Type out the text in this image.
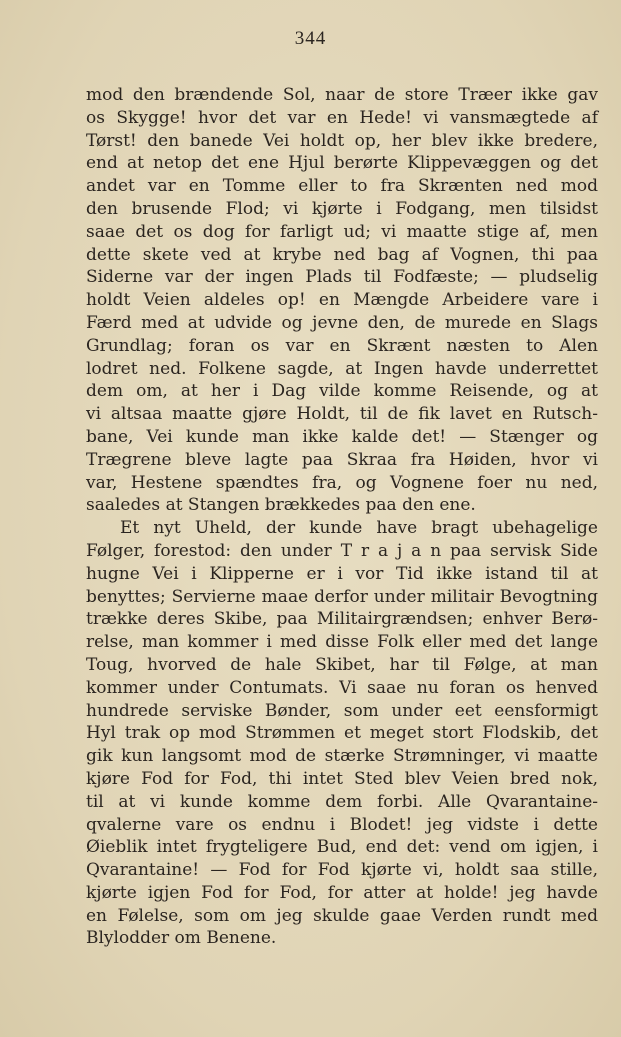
344
mod den brændende Sol, naar de store Træer ikke gav
os Skygge! hvor det var en Hede! vi vansmægtede af
Tørst! den banede Vei holdt op, her blev ikke bredere,
end at netop det ene Hjul berørte Klippevæggen og det
andet var en Tomme eller to fra Skrænten ned mod
den brusende Flod; vi kjørte i Fodgang, men tilsidst
saae det os dog for farligt ud; vi maatte stige af, men
dette skete ved at krybe ned bag af Vognen, thi paa
Siderne var der ingen Plads til Fodfæste; — pludselig
holdt Veien aldeles op! en Mængde Arbeidere vare i
Færd med at udvide og jevne den, de murede en Slags
Grundlag; foran os var en Skrænt næsten to Alen
lodret ned. Folkene sagde, at Ingen havde underrettet
dem om, at her i Dag vilde komme Reisende, og at
vi altsaa maatte gjøre Holdt, til de fik lavet en Rutsch-
bane, Vei kunde man ikke kalde det! — Stænger og
Trægrene bleve lagte paa Skraa fra Høiden, hvor vi
var, Hestene spændtes fra, og Vognene foer nu ned,
saaledes at Stangen brækkedes paa den ene.
Et nyt Uheld, der kunde have bragt ubehagelige
Følger, forestod: den under T r a j a n paa servisk Side
hugne Vei i Klipperne er i vor Tid ikke istand til at
benyttes; Servierne maae derfor under militair Bevogtning
trække deres Skibe, paa Militairgrændsen; enhver Berø-
relse, man kommer i med disse Folk eller med det lange
Toug, hvorved de hale Skibet, har til Følge, at man
kommer under Contumats. Vi saae nu foran os henved
hundrede serviske Bønder, som under eet eensformigt
Hyl trak op mod Strømmen et meget stort Flodskib, det
gik kun langsomt mod de stærke Strømninger, vi maatte
kjøre Fod for Fod, thi intet Sted blev Veien bred nok,
til at vi kunde komme dem forbi. Alle Qvarantaine-
qvalerne vare os endnu i Blodet! jeg vidste i dette
Øieblik intet frygteligere Bud, end det: vend om igjen, i
Qvarantaine! — Fod for Fod kjørte vi, holdt saa stille,
kjørte igjen Fod for Fod, for atter at holde! jeg havde
en Følelse, som om jeg skulde gaae Verden rundt med
Blylodder om Benene.
